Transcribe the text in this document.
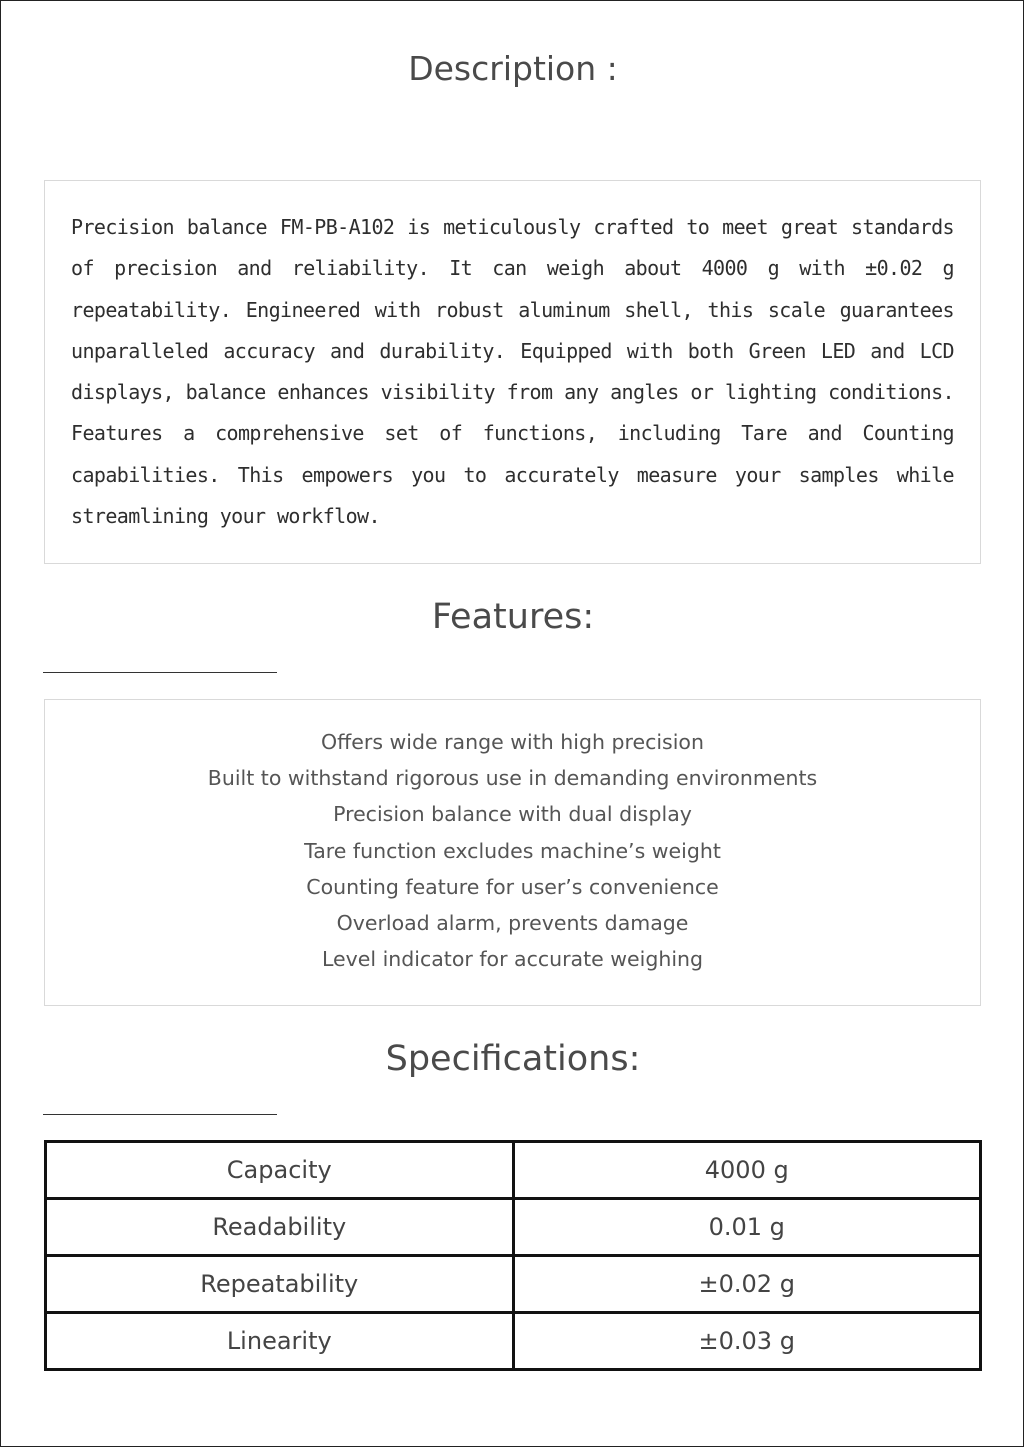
Description :

Precision balance FM-PB-A102 is meticulously crafted to meet great standards of precision and reliability. It can weigh about 4000 g with ±0.02 g repeatability. Engineered with robust aluminum shell, this scale guarantees unparalleled accuracy and durability. Equipped with both Green LED and LCD displays, balance enhances visibility from any angles or lighting conditions. Features a comprehensive set of functions, including Tare and Counting capabilities. This empowers you to accurately measure your samples while streamlining your workflow.

Features:
Offers wide range with high precision
Built to withstand rigorous use in demanding environments
Precision balance with dual display
Tare function excludes machine’s weight
Counting feature for user’s convenience
Overload alarm, prevents damage
Level indicator for accurate weighing
Specifications:
Capacity	4000 g
Readability	0.01 g
Repeatability	±0.02 g
Linearity	±0.03 g
